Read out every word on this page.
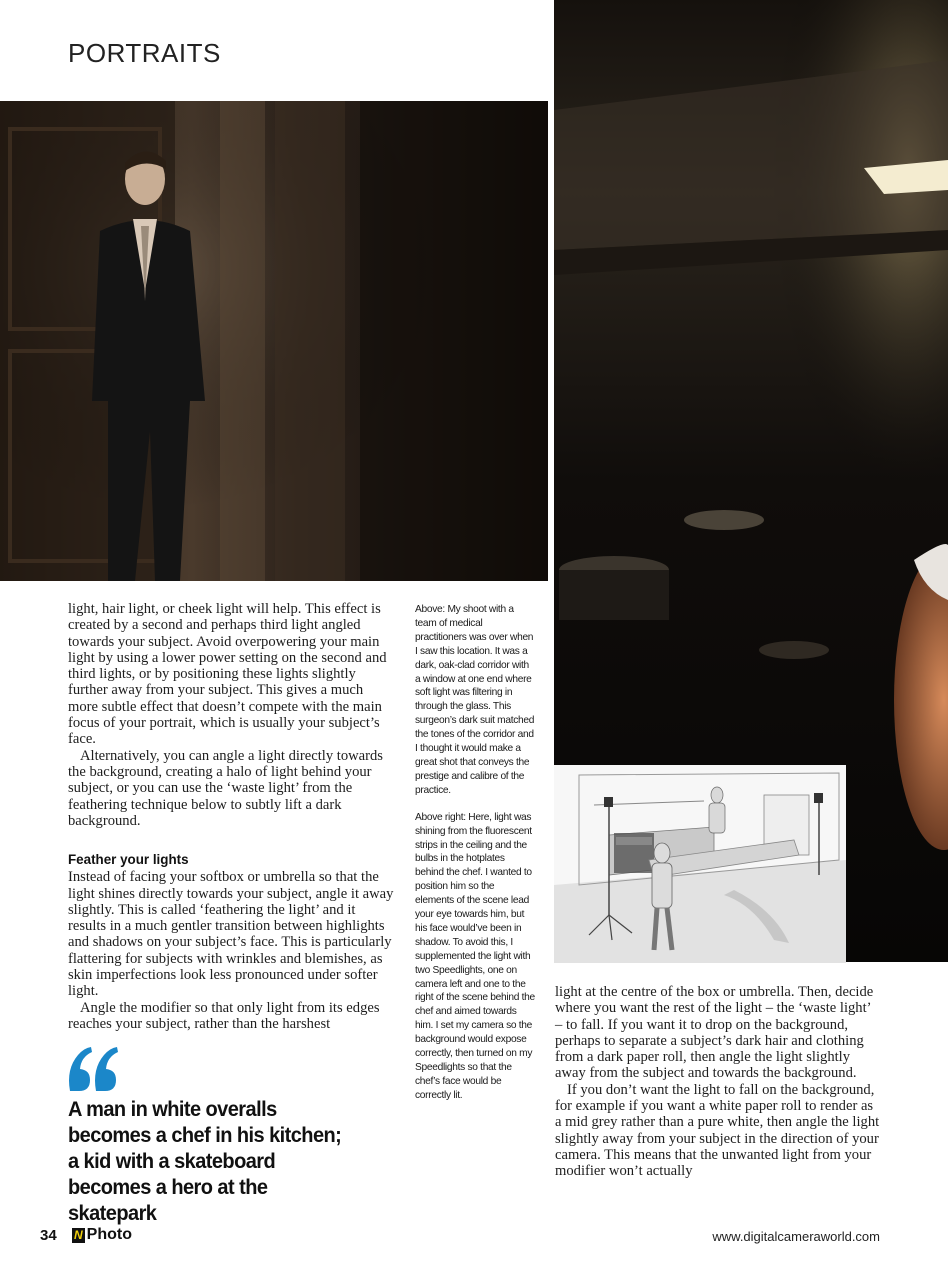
PORTRAITS

light, hair light, or cheek light will help. This effect is created by a second and perhaps third light angled towards your subject. Avoid overpowering your main light by using a lower power setting on the second and third lights, or by positioning these lights slightly further away from your subject. This gives a much more subtle effect that doesn’t compete with the main focus of your portrait, which is usually your subject’s face.

Alternatively, you can angle a light directly towards the background, creating a halo of light behind your subject, or you can use the ‘waste light’ from the feathering technique below to subtly lift a dark background.

Feather your lights

Instead of facing your softbox or umbrella so that the light shines directly towards your subject, angle it away slightly. This is called ‘feathering the light’ and it results in a much gentler transition between highlights and shadows on your subject’s face. This is particularly flattering for subjects with wrinkles and blemishes, as skin imperfections look less pronounced under softer light.

Angle the modifier so that only light from its edges reaches your subject, rather than the harshest

Above: My shoot with a team of medical practitioners was over when I saw this location. It was a dark, oak-clad corridor with a window at one end where soft light was filtering in through the glass. This surgeon’s dark suit matched the tones of the corridor and I thought it would make a great shot that conveys the prestige and calibre of the practice.

Above right: Here, light was shining from the fluorescent strips in the ceiling and the bulbs in the hotplates behind the chef. I wanted to position him so the elements of the scene lead your eye towards him, but his face would’ve been in shadow. To avoid this, I supplemented the light with two Speedlights, one on camera left and one to the right of the scene behind the chef and aimed towards him. I set my camera so the background would expose correctly, then turned on my Speedlights so that the chef’s face would be correctly lit.

A man in white overalls becomes a chef in his kitchen; a kid with a skateboard becomes a hero at the skatepark

light at the centre of the box or umbrella. Then, decide where you want the rest of the light – the ‘waste light’ – to fall. If you want it to drop on the background, perhaps to separate a subject’s dark hair and clothing from a dark paper roll, then angle the light slightly away from the subject and towards the background.

If you don’t want the light to fall on the background, for example if you want a white paper roll to render as a mid grey rather than a pure white, then angle the light slightly away from your subject in the direction of your camera. This means that the unwanted light from your modifier won’t actually

34 N Photo	www.digitalcameraworld.com
